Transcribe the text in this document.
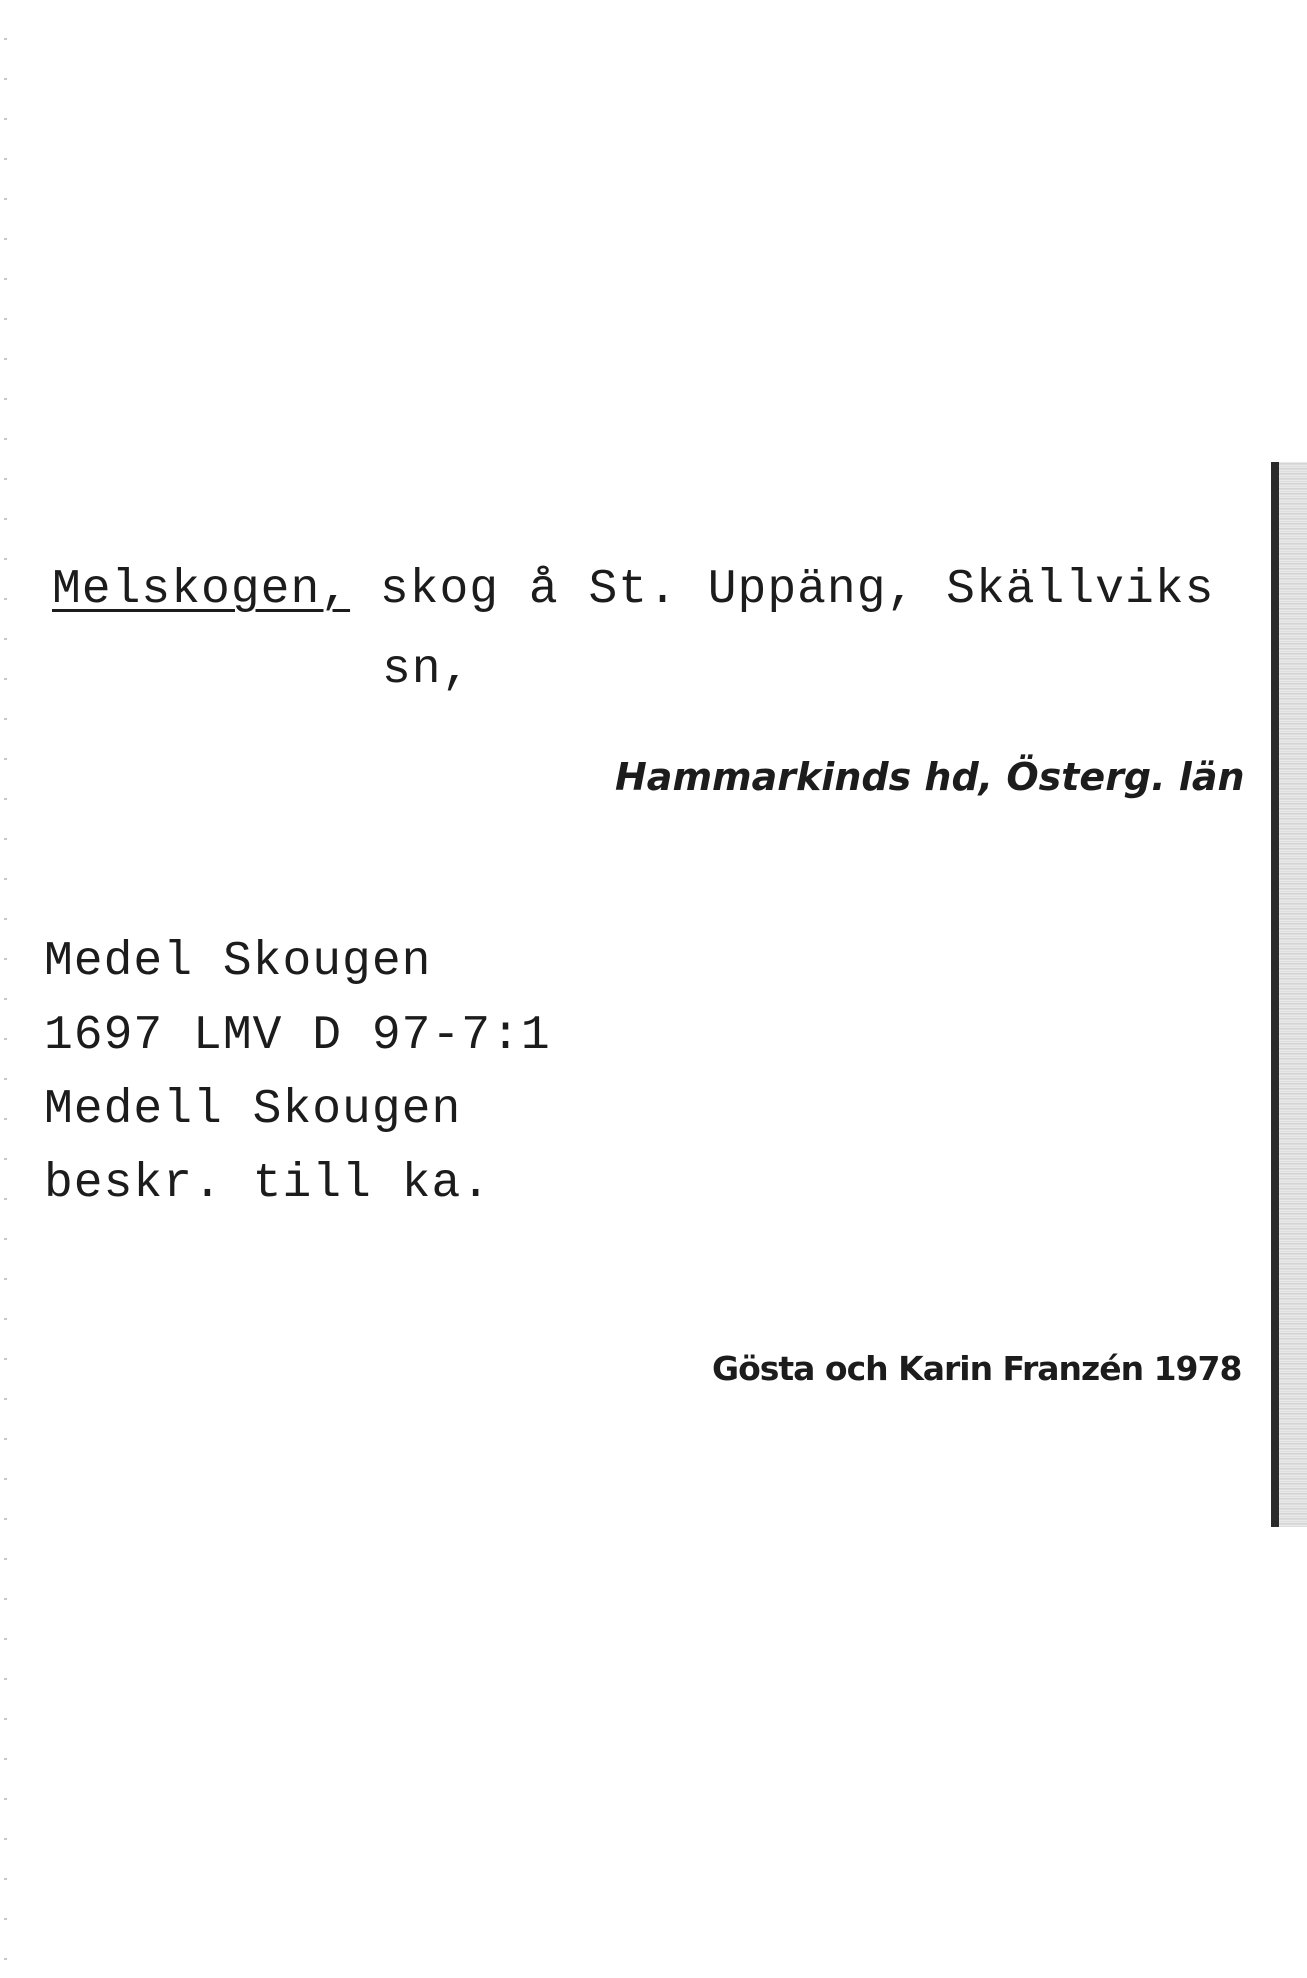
Melskogen, skog å St. Uppäng, Skällviks
sn,
Hammarkinds hd, Österg. län
Medel Skougen
1697 LMV D 97-7:1
Medell Skougen
beskr. till ka.
Gösta och Karin Franzén 1978
